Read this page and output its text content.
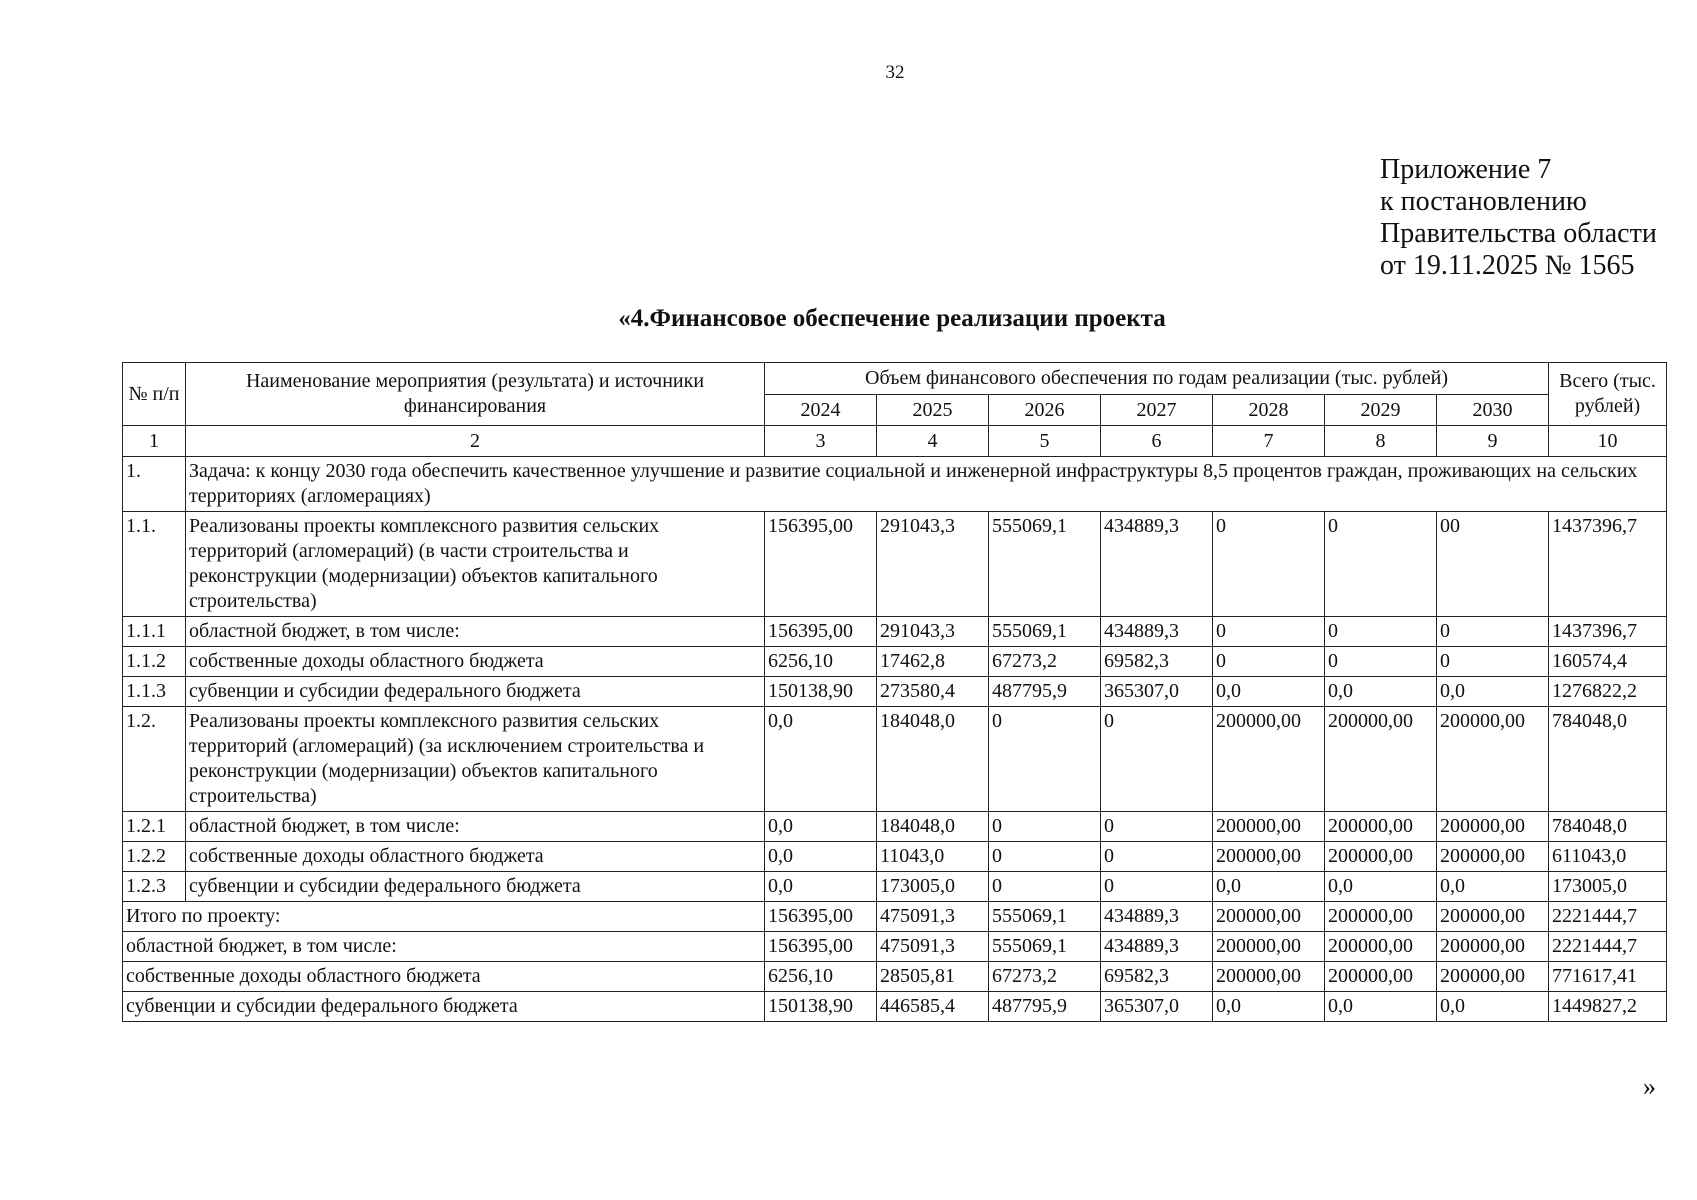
32
Приложение 7
к постановлению
Правительства области
от 19.11.2025 № 1565
«4.Финансовое обеспечение реализации проекта
№ п/п	Наименование мероприятия (результата) и источники финансирования	Объем финансового обеспечения по годам реализации (тыс. рублей)							Всего (тыс. рублей)
		2024	2025	2026	2027	2028	2029	2030	
1	2	3	4	5	6	7	8	9	10
1.	Задача: к концу 2030 года обеспечить качественное улучшение и развитие социальной и инженерной инфраструктуры 8,5 процентов граждан, проживающих на сельских территориях (агломерациях)								
1.1.	Реализованы проекты комплексного развития сельских территорий (агломераций) (в части строительства и реконструкции (модернизации) объектов капитального строительства)	156395,00	291043,3	555069,1	434889,3	0	0	00	1437396,7
1.1.1	областной бюджет, в том числе:	156395,00	291043,3	555069,1	434889,3	0	0	0	1437396,7
1.1.2	собственные доходы областного бюджета	6256,10	17462,8	67273,2	69582,3	0	0	0	160574,4
1.1.3	субвенции и субсидии федерального бюджета	150138,90	273580,4	487795,9	365307,0	0,0	0,0	0,0	1276822,2
1.2.	Реализованы проекты комплексного развития сельских территорий (агломераций) (за исключением строительства и реконструкции (модернизации) объектов капитального строительства)	0,0	184048,0	0	0	200000,00	200000,00	200000,00	784048,0
1.2.1	областной бюджет, в том числе:	0,0	184048,0	0	0	200000,00	200000,00	200000,00	784048,0
1.2.2	собственные доходы областного бюджета	0,0	11043,0	0	0	200000,00	200000,00	200000,00	611043,0
1.2.3	субвенции и субсидии федерального бюджета	0,0	173005,0	0	0	0,0	0,0	0,0	173005,0
Итого по проекту:		156395,00	475091,3	555069,1	434889,3	200000,00	200000,00	200000,00	2221444,7
областной бюджет, в том числе:		156395,00	475091,3	555069,1	434889,3	200000,00	200000,00	200000,00	2221444,7
собственные доходы областного бюджета		6256,10	28505,81	67273,2	69582,3	200000,00	200000,00	200000,00	771617,41
субвенции и субсидии федерального бюджета		150138,90	446585,4	487795,9	365307,0	0,0	0,0	0,0	1449827,2
»
